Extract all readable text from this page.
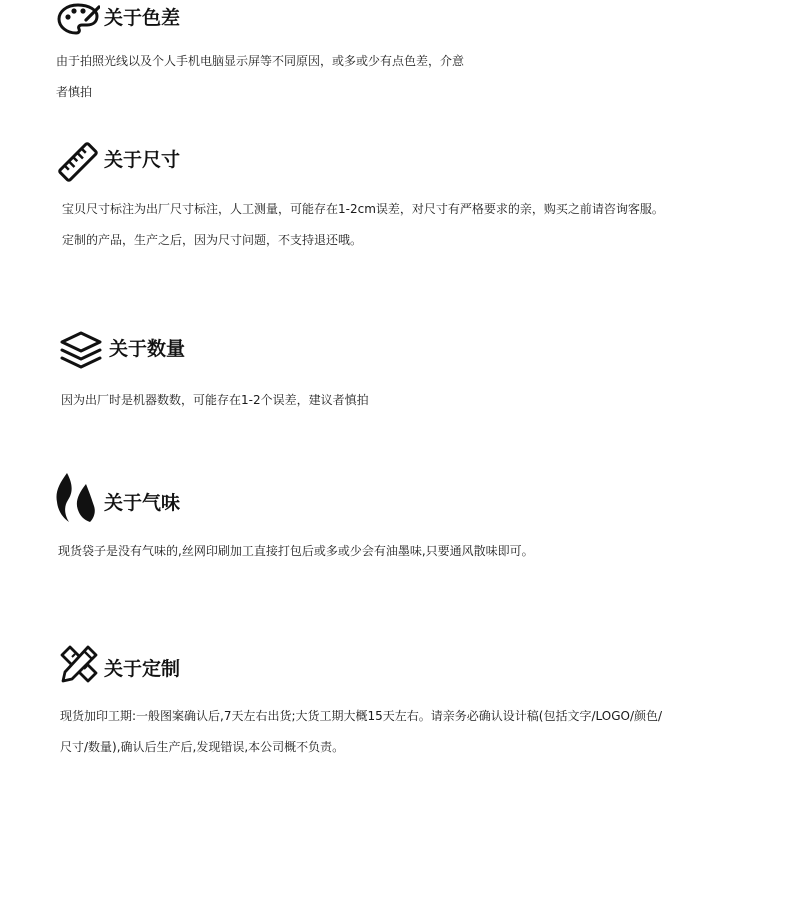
关于色差
由于拍照光线以及个人手机电脑显示屏等不同原因，或多或少有点色差，介意
者慎拍
关于尺寸
宝贝尺寸标注为出厂尺寸标注，人工测量，可能存在1-2cm误差，对尺寸有严格要求的亲，购买之前请咨询客服。
定制的产品，生产之后，因为尺寸问题，不支持退还哦。
关于数量
因为出厂时是机器数数，可能存在1-2个误差，建议者慎拍
关于气味
现货袋子是没有气味的,丝网印刷加工直接打包后或多或少会有油墨味,只要通风散味即可。
关于定制
现货加印工期:一般图案确认后,7天左右出货;大货工期大概15天左右。请亲务必确认设计稿(包括文字/LOGO/颜色/
尺寸/数量),确认后生产后,发现错误,本公司概不负责。
